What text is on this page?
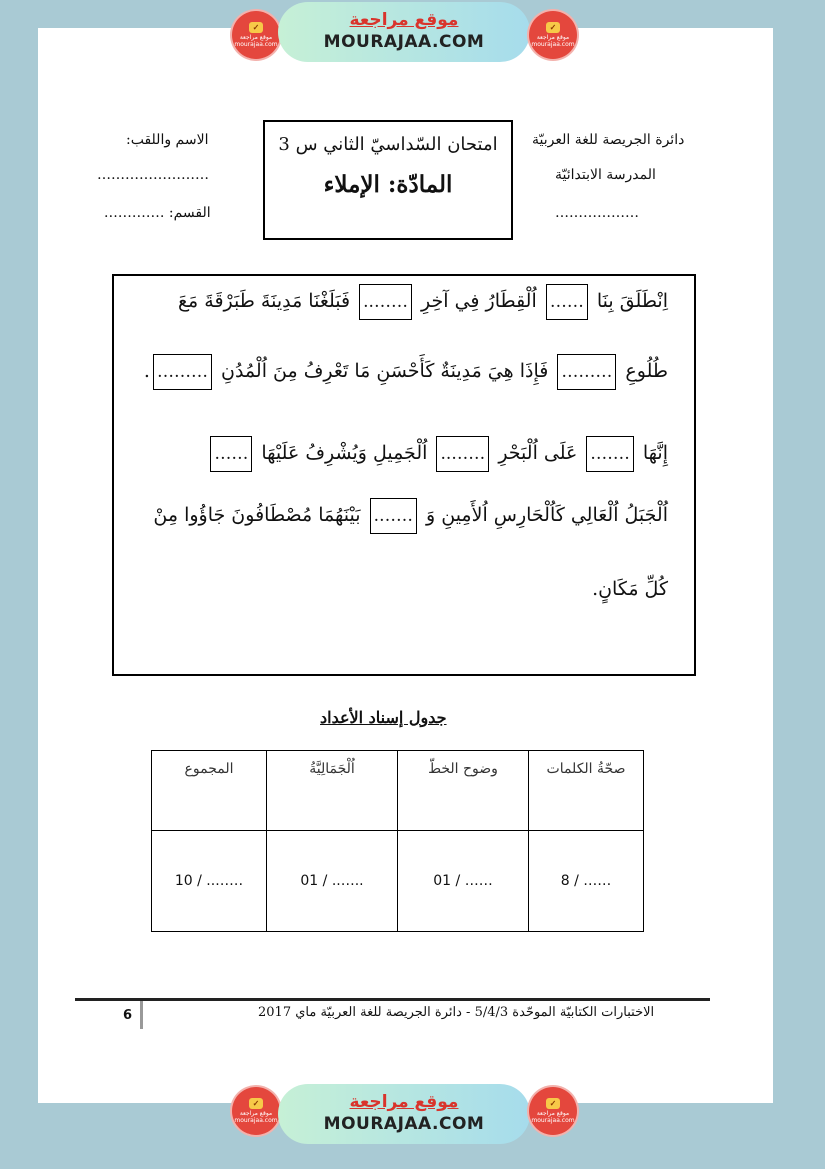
✓
موقع مراجعة mourajaa.com
موقع مراجعة
MOURAJAA.COM
✓
موقع مراجعة mourajaa.com
دائرة الجريصة للغة العربيّة
المدرسة الابتدائيّة
………………
الاسم واللقب:
……………………
القسم: ………….
امتحان السّداسيّ الثاني س 3
المادّة: الإملاء
اِنْطَلَقَ بِنَا …… اُلْقِطَارُ فِي آخِرِ …….. فَبَلَغْنَا مَدِينَةَ طَبَرْقَةَ مَعَ
طُلُوعِ ……… فَإِذَا هِيَ مَدِينَةٌ كَأَحْسَنِ مَا تَعْرِفُ مِنَ اُلْمُدُنِ ……….
إِنَّهَا ……. عَلَى اُلْبَحْرِ …….. اُلْجَمِيلِ وَيُشْرِفُ عَلَيْهَا ……
اُلْجَبَلُ اُلْعَالِي كَاُلْحَارِسِ اُلأَمِينِ وَ ……. بَيْنَهُمَا مُصْطَافُونَ جَاؤُوا مِنْ
كُلِّ مَكَانٍ.
جدول إسناد الأعداد
صحّةُ الكلمات	وضوح الخطّ	اُلْجَمَالِيَّةُ	المجموع
…… / 8	…… / 01	..….. / 01	…….. / 10
6	الاختبارات الكتابيّة الموحّدة 5/4/3 - دائرة الجريصة للغة العربيّة ماي 2017
✓
موقع مراجعة mourajaa.com
موقع مراجعة
MOURAJAA.COM
✓
موقع مراجعة mourajaa.com
